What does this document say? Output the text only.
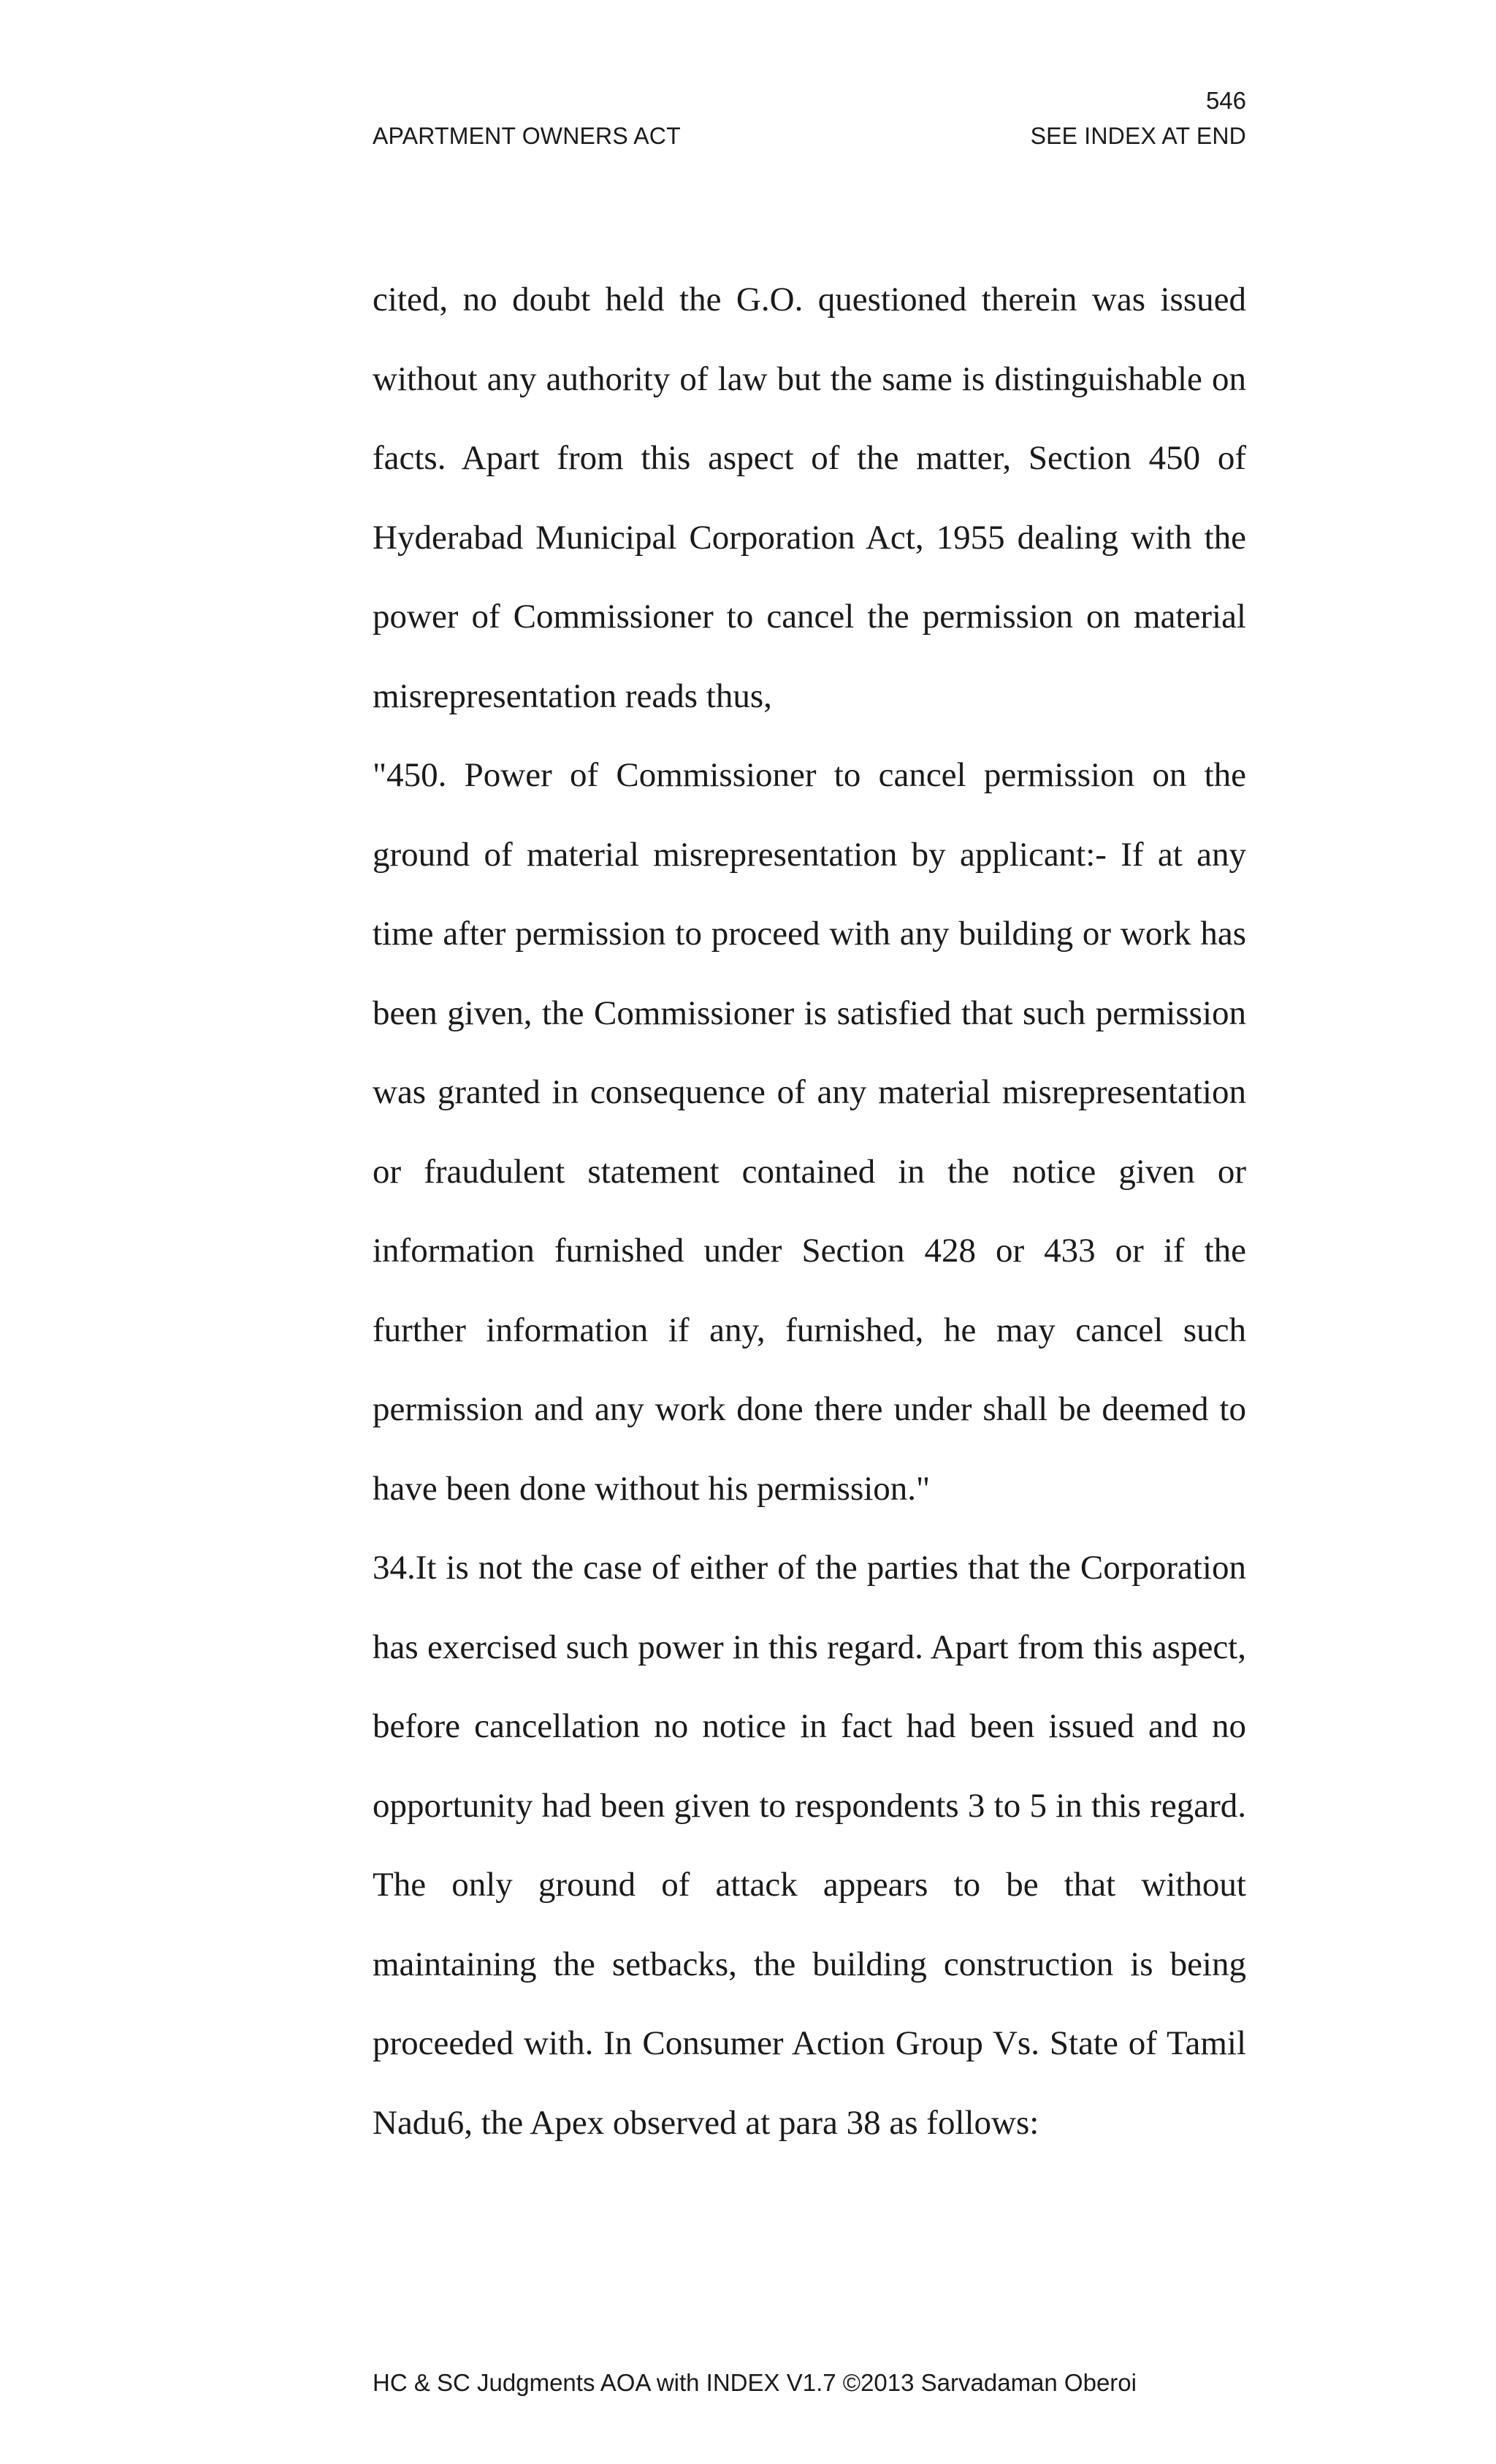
546
APARTMENT OWNERS ACT	SEE INDEX AT END

cited, no doubt held the G.O. questioned therein was issued without any authority of law but the same is distinguishable on facts. Apart from this aspect of the matter, Section 450 of Hyderabad Municipal Corporation Act, 1955 dealing with the power of Commissioner to cancel the permission on material misrepresentation reads thus,

"450. Power of Commissioner to cancel permission on the ground of material misrepresentation by applicant:- If at any time after permission to proceed with any building or work has been given, the Commissioner is satisfied that such permission was granted in consequence of any material misrepresentation or fraudulent statement contained in the notice given or information furnished under Section 428 or 433 or if the further information if any, furnished, he may cancel such permission and any work done there under shall be deemed to have been done without his permission."

34.It is not the case of either of the parties that the Corporation has exercised such power in this regard. Apart from this aspect, before cancellation no notice in fact had been issued and no opportunity had been given to respondents 3 to 5 in this regard. The only ground of attack appears to be that without maintaining the setbacks, the building construction is being proceeded with. In Consumer Action Group Vs. State of Tamil Nadu6, the Apex observed at para 38 as follows:

HC & SC Judgments AOA with INDEX V1.7 ©2013 Sarvadaman Oberoi
